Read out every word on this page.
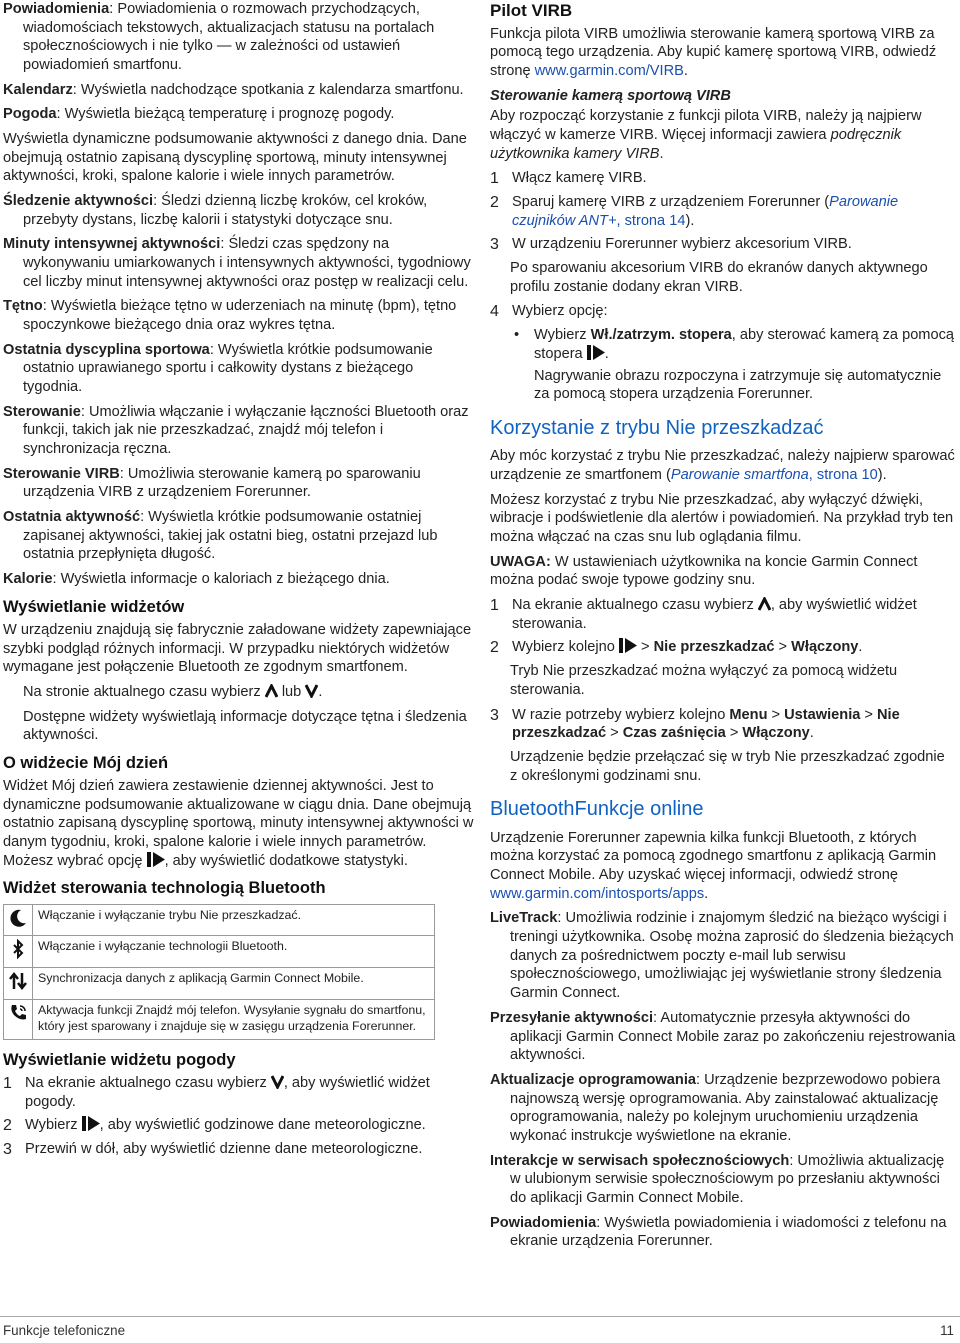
Powiadomienia: Powiadomienia o rozmowach przychodzących, wiadomościach tekstowych, aktualizacjach statusu na portalach społecznościowych i nie tylko — w zależności od ustawień powiadomień smartfonu.

Kalendarz: Wyświetla nadchodzące spotkania z kalendarza smartfonu.

Pogoda: Wyświetla bieżącą temperaturę i prognozę pogody.

Wyświetla dynamiczne podsumowanie aktywności z danego dnia. Dane obejmują ostatnio zapisaną dyscyplinę sportową, minuty intensywnej aktywności, kroki, spalone kalorie i wiele innych parametrów.

Śledzenie aktywności: Śledzi dzienną liczbę kroków, cel kroków, przebyty dystans, liczbę kalorii i statystyki dotyczące snu.

Minuty intensywnej aktywności: Śledzi czas spędzony na wykonywaniu umiarkowanych i intensywnych aktywności, tygodniowy cel liczby minut intensywnej aktywności oraz postęp w realizacji celu.

Tętno: Wyświetla bieżące tętno w uderzeniach na minutę (bpm), tętno spoczynkowe bieżącego dnia oraz wykres tętna.

Ostatnia dyscyplina sportowa: Wyświetla krótkie podsumowanie ostatnio uprawianego sportu i całkowity dystans z bieżącego tygodnia.

Sterowanie: Umożliwia włączanie i wyłączanie łączności Bluetooth oraz funkcji, takich jak nie przeszkadzać, znajdź mój telefon i synchronizacja ręczna.

Sterowanie VIRB: Umożliwia sterowanie kamerą po sparowaniu urządzenia VIRB z urządzeniem Forerunner.

Ostatnia aktywność: Wyświetla krótkie podsumowanie ostatniej zapisanej aktywności, takiej jak ostatni bieg, ostatni przejazd lub ostatnia przepłynięta długość.

Kalorie: Wyświetla informacje o kaloriach z bieżącego dnia.

Wyświetlanie widżetów

W urządzeniu znajdują się fabrycznie załadowane widżety zapewniające szybki podgląd różnych informacji. W przypadku niektórych widżetów wymagane jest połączenie Bluetooth ze zgodnym smartfonem.

Na stronie aktualnego czasu wybierz lub .

Dostępne widżety wyświetlają informacje dotyczące tętna i śledzenia aktywności.

O widżecie Mój dzień

Widżet Mój dzień zawiera zestawienie dziennej aktywności. Jest to dynamiczne podsumowanie aktualizowane w ciągu dnia. Dane obejmują ostatnio zapisaną dyscyplinę sportową, minuty intensywnej aktywności w danym tygodniu, kroki, spalone kalorie i wiele innych parametrów. Możesz wybrać opcję , aby wyświetlić dodatkowe statystyki.

Widżet sterowania technologią Bluetooth
	Włączanie i wyłączanie trybu Nie przeszkadzać.
	Włączanie i wyłączanie technologii Bluetooth.
	Synchronizacja danych z aplikacją Garmin Connect Mobile.
	Aktywacja funkcji Znajdź mój telefon. Wysyłanie sygnału do smartfonu, który jest sparowany i znajduje się w zasięgu urządzenia Forerunner.
Wyświetlanie widżetu pogody
1 Na ekranie aktualnego czasu wybierz , aby wyświetlić widżet pogody.
2 Wybierz , aby wyświetlić godzinowe dane meteorologiczne.
3 Przewiń w dół, aby wyświetlić dzienne dane meteorologiczne.
Pilot VIRB

Funkcja pilota VIRB umożliwia sterowanie kamerą sportową VIRB za pomocą tego urządzenia. Aby kupić kamerę sportową VIRB, odwiedź stronę www.garmin.com/VIRB.

Sterowanie kamerą sportową VIRB

Aby rozpocząć korzystanie z funkcji pilota VIRB, należy ją najpierw włączyć w kamerze VIRB. Więcej informacji zawiera podręcznik użytkownika kamery VIRB.

1 Włącz kamerę VIRB.
2 Sparuj kamerę VIRB z urządzeniem Forerunner (Parowanie czujników ANT+, strona 14).
3 W urządzeniu Forerunner wybierz akcesorium VIRB.

Po sparowaniu akcesorium VIRB do ekranów danych aktywnego profilu zostanie dodany ekran VIRB.

4 Wybierz opcję:
• Wybierz Wł./zatrzym. stopera, aby sterować kamerą za pomocą stopera .

Nagrywanie obrazu rozpoczyna i zatrzymuje się automatycznie za pomocą stopera urządzenia Forerunner.

Korzystanie z trybu Nie przeszkadzać

Aby móc korzystać z trybu Nie przeszkadzać, należy najpierw sparować urządzenie ze smartfonem (Parowanie smartfona, strona 10).

Możesz korzystać z trybu Nie przeszkadzać, aby wyłączyć dźwięki, wibracje i podświetlenie dla alertów i powiadomień. Na przykład tryb ten można włączać na czas snu lub oglądania filmu.

UWAGA: W ustawieniach użytkownika na koncie Garmin Connect można podać swoje typowe godziny snu.

1 Na ekranie aktualnego czasu wybierz , aby wyświetlić widżet sterowania.
2 Wybierz kolejno  > Nie przeszkadzać > Włączony.

Tryb Nie przeszkadzać można wyłączyć za pomocą widżetu sterowania.

3 W razie potrzeby wybierz kolejno Menu > Ustawienia > Nie przeszkadzać > Czas zaśnięcia > Włączony.

Urządzenie będzie przełączać się w tryb Nie przeszkadzać zgodnie z określonymi godzinami snu.

BluetoothFunkcje online

Urządzenie Forerunner zapewnia kilka funkcji Bluetooth, z których można korzystać za pomocą zgodnego smartfonu z aplikacją Garmin Connect Mobile. Aby uzyskać więcej informacji, odwiedź stronę www.garmin.com/intosports/apps.

LiveTrack: Umożliwia rodzinie i znajomym śledzić na bieżąco wyścigi i treningi użytkownika. Osobę można zaprosić do śledzenia bieżących danych za pośrednictwem poczty e-mail lub serwisu społecznościowego, umożliwiając jej wyświetlanie strony śledzenia Garmin Connect.

Przesyłanie aktywności: Automatycznie przesyła aktywności do aplikacji Garmin Connect Mobile zaraz po zakończeniu rejestrowania aktywności.

Aktualizacje oprogramowania: Urządzenie bezprzewodowo pobiera najnowszą wersję oprogramowania. Aby zainstalować aktualizację oprogramowania, należy po kolejnym uruchomieniu urządzenia wykonać instrukcje wyświetlone na ekranie.

Interakcje w serwisach społecznościowych: Umożliwia aktualizację w ulubionym serwisie społecznościowym po przesłaniu aktywności do aplikacji Garmin Connect Mobile.

Powiadomienia: Wyświetla powiadomienia i wiadomości z telefonu na ekranie urządzenia Forerunner.

Funkcje telefoniczne	11
